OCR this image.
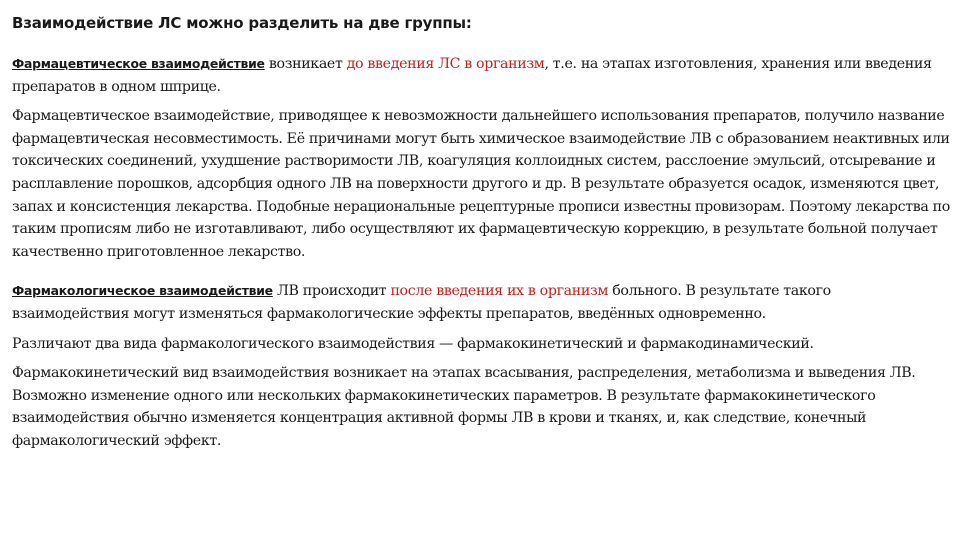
Взаимодействие ЛС можно разделить на две группы:

Фармацевтическое взаимодействие возникает до введения ЛС в организм, т.е. на этапах изготовления, хранения или введения препаратов в одном шприце.

Фармацевтическое взаимодействие, приводящее к невозможности дальнейшего использования препаратов, получило название фармацевтическая несовместимость. Её причинами могут быть химическое взаимодействие ЛВ с образованием неактивных или токсических соединений, ухудшение растворимости ЛВ, коагуляция коллоидных систем, расслоение эмульсий, отсыревание и расплавление порошков, адсорбция одного ЛВ на поверхности другого и др. В результате образуется осадок, изменяются цвет, запах и консистенция лекарства. Подобные нерациональные рецептурные прописи известны провизорам. Поэтому лекарства по таким прописям либо не изготавливают, либо осуществляют их фармацевтическую коррекцию, в результате больной получает качественно приготовленное лекарство.

Фармакологическое взаимодействие ЛВ происходит после введения их в организм больного. В результате такого взаимодействия могут изменяться фармакологические эффекты препаратов, введённых одновременно.

Различают два вида фармакологического взаимодействия — фармакокинетический и фармакодинамический.

Фармакокинетический вид взаимодействия возникает на этапах всасывания, распределения, метаболизма и выведения ЛВ. Возможно изменение одного или нескольких фармакокинетических параметров. В результате фармакокинетического взаимодействия обычно изменяется концентрация активной формы ЛВ в крови и тканях, и, как следствие, конечный фармакологический эффект.
